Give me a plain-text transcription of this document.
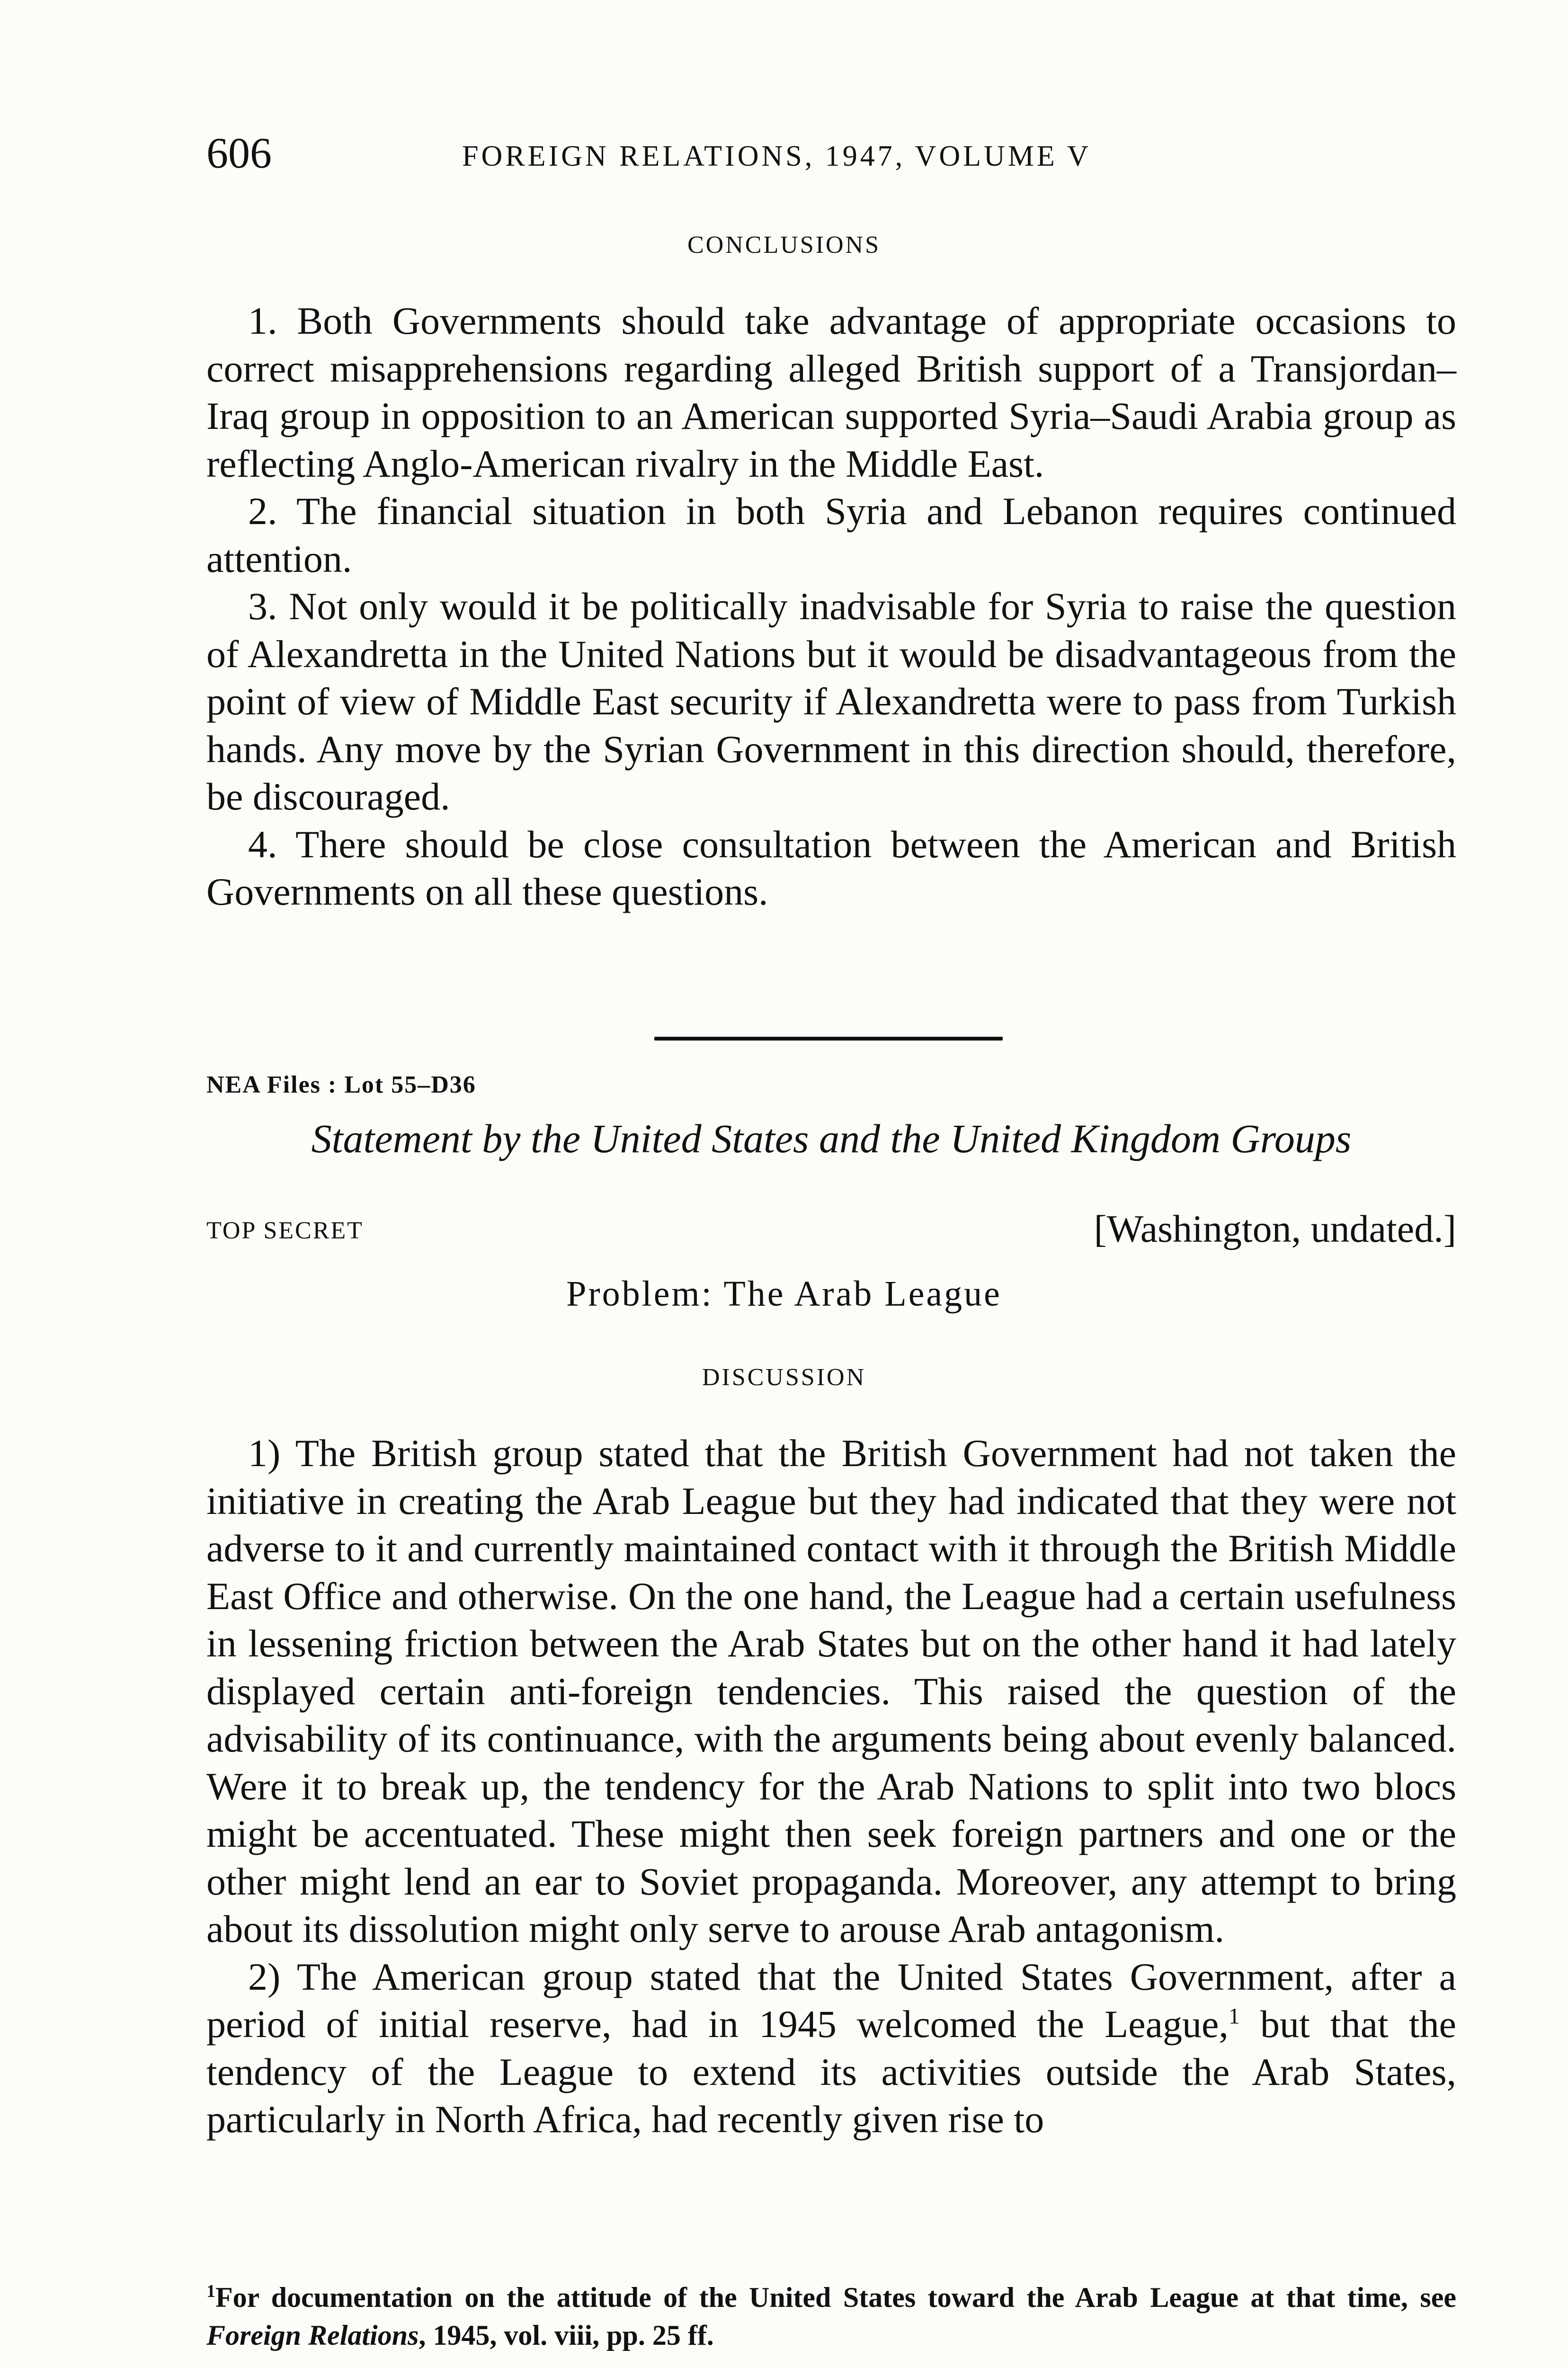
606	FOREIGN RELATIONS, 1947, VOLUME V
CONCLUSIONS

1. Both Governments should take advantage of appropriate occasions to correct misapprehensions regarding alleged British support of a Transjordan–Iraq group in opposition to an American supported Syria–Saudi Arabia group as reflecting Anglo-American rivalry in the Middle East.

2. The financial situation in both Syria and Lebanon requires continued attention.

3. Not only would it be politically inadvisable for Syria to raise the question of Alexandretta in the United Nations but it would be disadvantageous from the point of view of Middle East security if Alexandretta were to pass from Turkish hands. Any move by the Syrian Government in this direction should, therefore, be discouraged.

4. There should be close consultation between the American and British Governments on all these questions.

NEA Files : Lot 55–D36
Statement by the United States and the United Kingdom Groups
TOP SECRET	[Washington, undated.]
Problem: The Arab League
DISCUSSION

1) The British group stated that the British Government had not taken the initiative in creating the Arab League but they had indicated that they were not adverse to it and currently maintained contact with it through the British Middle East Office and otherwise. On the one hand, the League had a certain usefulness in lessening friction between the Arab States but on the other hand it had lately displayed certain anti-foreign tendencies. This raised the question of the advisability of its continuance, with the arguments being about evenly balanced. Were it to break up, the tendency for the Arab Nations to split into two blocs might be accentuated. These might then seek foreign partners and one or the other might lend an ear to Soviet propaganda. Moreover, any attempt to bring about its dissolution might only serve to arouse Arab antagonism.

2) The American group stated that the United States Government, after a period of initial reserve, had in 1945 welcomed the League,$^1$ but that the tendency of the League to extend its activities outside the Arab States, particularly in North Africa, had recently given rise to

$^1$For documentation on the attitude of the United States toward the Arab League at that time, see Foreign Relations, 1945, vol. viii, pp. 25 ff.
